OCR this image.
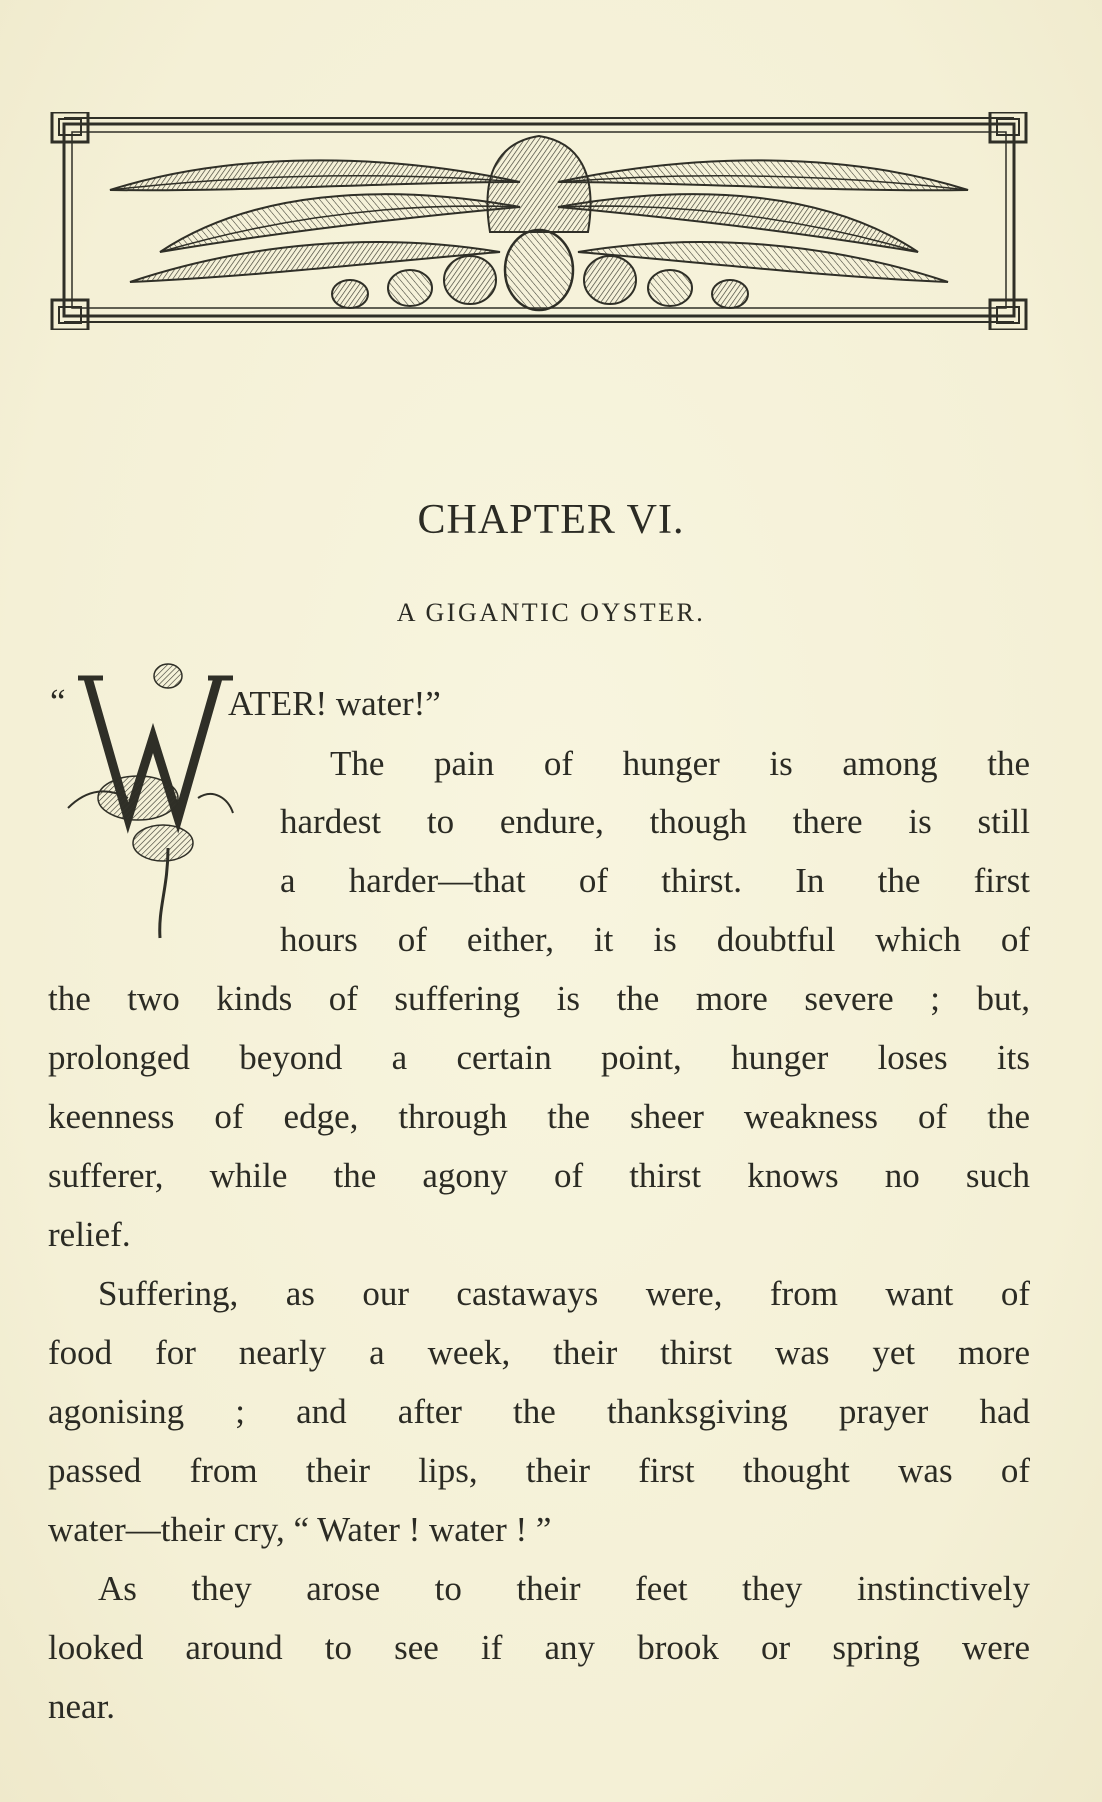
CHAPTER VI.
A GIGANTIC OYSTER.
“	ATER! water!”
The pain of hunger is among the
hardest to endure, though there is still
a harder—that of thirst. In the first
hours of either, it is doubtful which of
the two kinds of suffering is the more severe ; but,
prolonged beyond a certain point, hunger loses its
keenness of edge, through the sheer weakness of the
sufferer, while the agony of thirst knows no such
relief.
Suffering, as our castaways were, from want of
food for nearly a week, their thirst was yet more
agonising ; and after the thanksgiving prayer had
passed from their lips, their first thought was of
water—their cry, “ Water ! water ! ”
As they arose to their feet they instinctively
looked around to see if any brook or spring were
near.
